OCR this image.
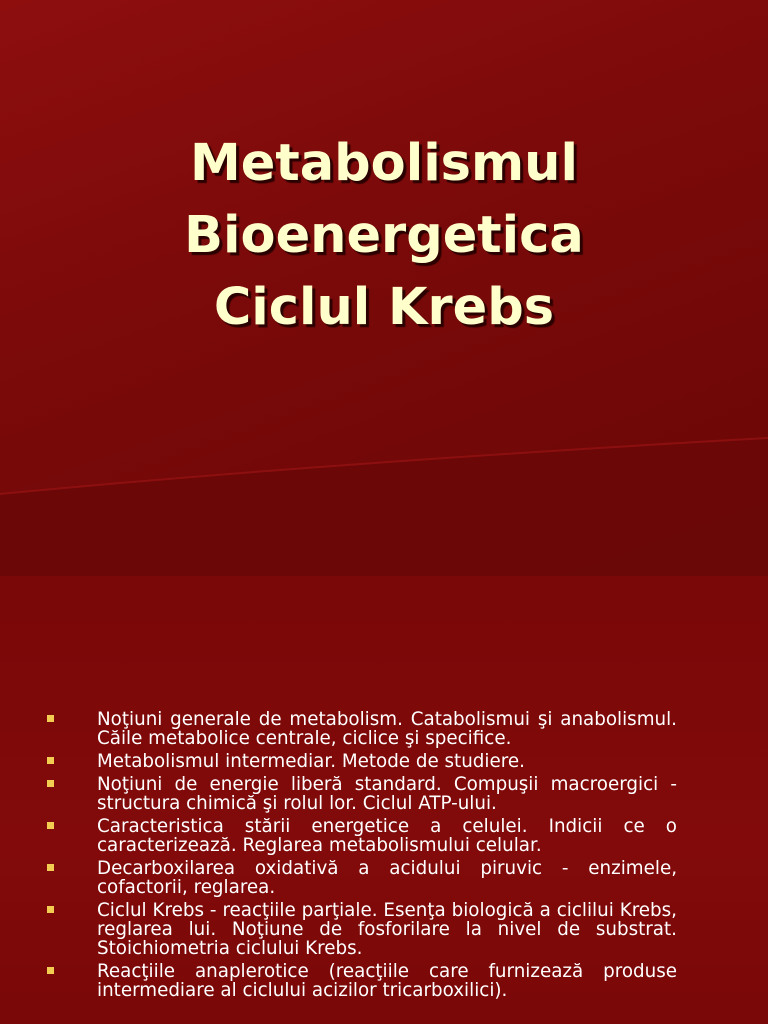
Metabolismul
Bioenergetica
Ciclul Krebs
Noţiuni generale de metabolism. Catabolismui şi anabolismul. Căile metabolice centrale, ciclice şi specifice.
Metabolismul intermediar. Metode de studiere.
Noţiuni de energie liberă standard. Compuşii macroergici - structura chimică şi rolul lor. Ciclul ATP-ului.
Caracteristica stării energetice a celulei. Indicii ce o caracterizează. Reglarea metabolismului celular.
Decarboxilarea oxidativă a acidului piruvic - enzimele, cofactorii, reglarea.
Ciclul Krebs - reacţiile parţiale. Esenţa biologică a ciclilui Krebs, reglarea lui. Noţiune de fosforilare la nivel de substrat. Stoichiometria ciclului Krebs.
Reacţiile anaplerotice (reacţiile care furnizează produse intermediare al ciclului acizilor tricarboxilici).
